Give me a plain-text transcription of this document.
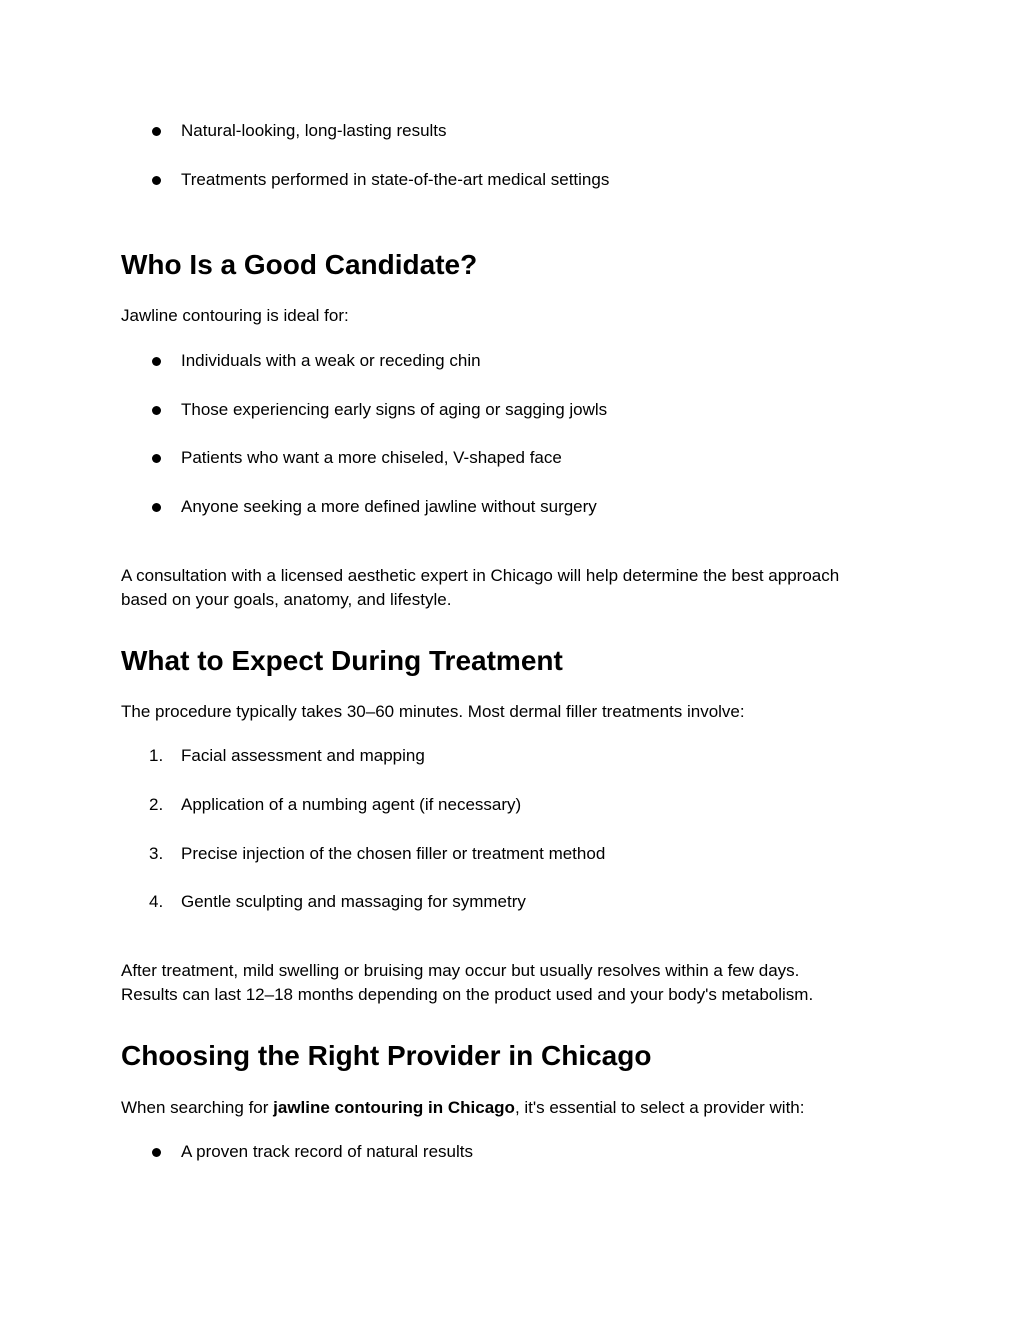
Natural-looking, long-lasting results
Treatments performed in state-of-the-art medical settings
Who Is a Good Candidate?

Jawline contouring is ideal for:

Individuals with a weak or receding chin
Those experiencing early signs of aging or sagging jowls
Patients who want a more chiseled, V-shaped face
Anyone seeking a more defined jawline without surgery

A consultation with a licensed aesthetic expert in Chicago will help determine the best approach

based on your goals, anatomy, and lifestyle.

What to Expect During Treatment

The procedure typically takes 30–60 minutes. Most dermal filler treatments involve:

1.	Facial assessment and mapping
2.	Application of a numbing agent (if necessary)
3.	Precise injection of the chosen filler or treatment method
4.	Gentle sculpting and massaging for symmetry

After treatment, mild swelling or bruising may occur but usually resolves within a few days.

Results can last 12–18 months depending on the product used and your body's metabolism.

Choosing the Right Provider in Chicago

When searching for jawline contouring in Chicago, it's essential to select a provider with:

A proven track record of natural results
